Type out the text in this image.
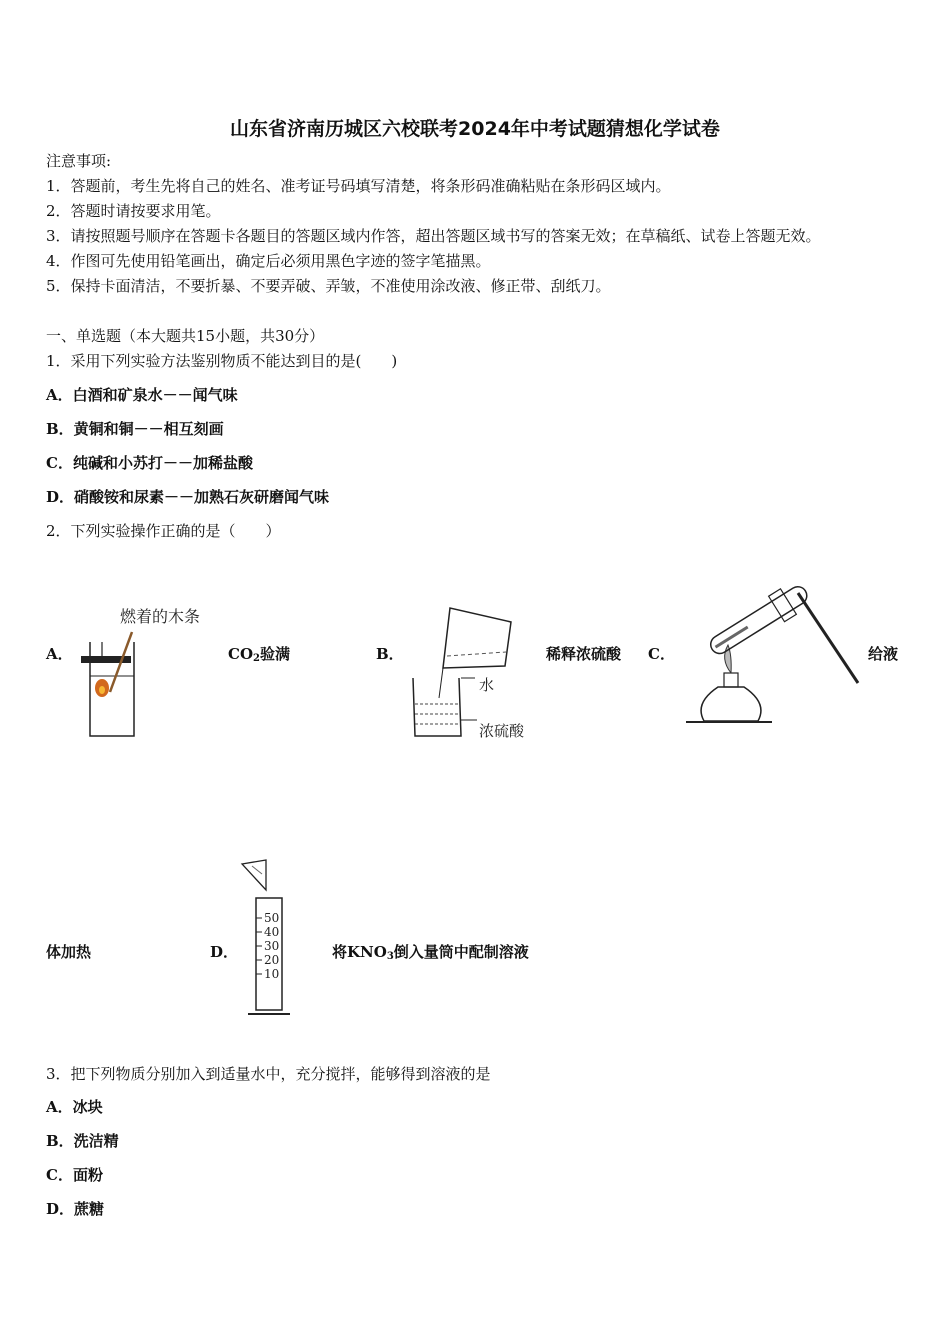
山东省济南历城区六校联考2024年中考试题猜想化学试卷
注意事项:
1．答题前，考生先将自己的姓名、准考证号码填写清楚，将条形码准确粘贴在条形码区域内。
2．答题时请按要求用笔。
3．请按照题号顺序在答题卡各题目的答题区域内作答，超出答题区域书写的答案无效；在草稿纸、试卷上答题无效。
4．作图可先使用铅笔画出，确定后必须用黑色字迹的签字笔描黑。
5．保持卡面清洁，不要折暴、不要弄破、弄皱，不准使用涂改液、修正带、刮纸刀。
一、单选题（本大题共15小题，共30分）
1．采用下列实验方法鉴别物质不能达到目的是(　　)
A．白酒和矿泉水－－闻气味
B．黄铜和铜－－相互刻画
C．纯碱和小苏打－－加稀盐酸
D．硝酸铵和尿素－－加熟石灰研磨闻气味
2．下列实验操作正确的是（　　）
A．
燃着的木条
$CO_2$验满	B．
水
浓硫酸
稀释浓硫酸 C．	给液
体加热	D．
50
40
30
20
10
将$KNO_3$倒入量筒中配制溶液
3．把下列物质分别加入到适量水中，充分搅拌，能够得到溶液的是
A．冰块
B．洗洁精
C．面粉
D．蔗糖
